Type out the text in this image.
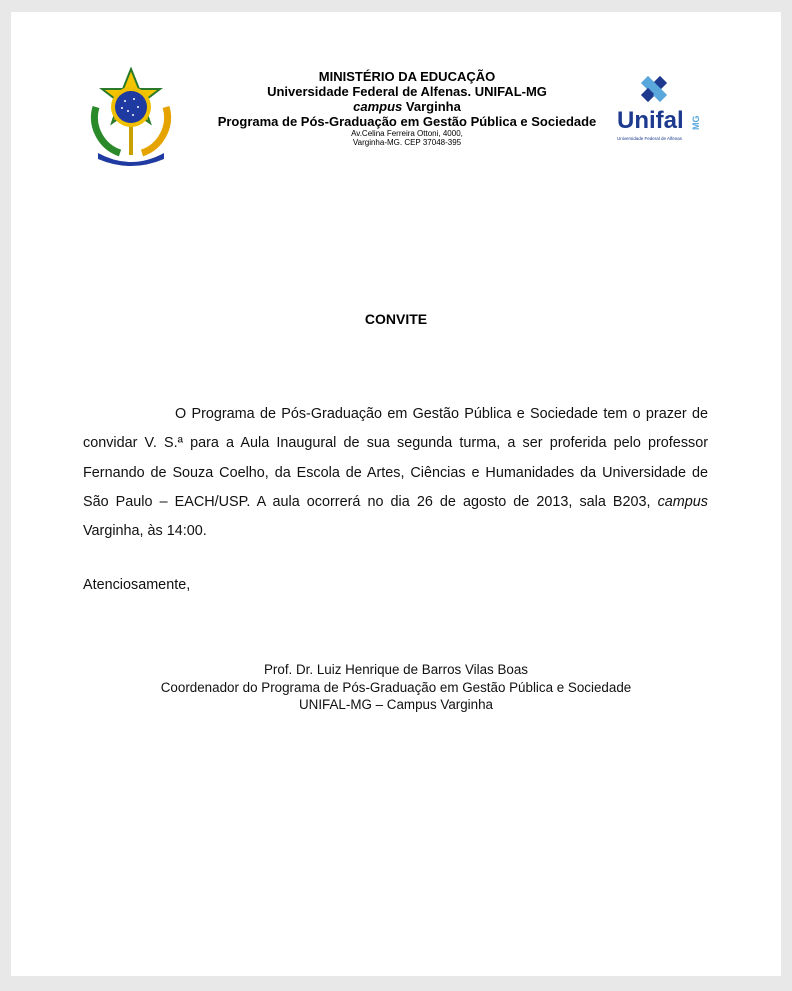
MINISTÉRIO DA EDUCAÇÃO
Universidade Federal de Alfenas. UNIFAL-MG
campus Varginha
Programa de Pós-Graduação em Gestão Pública e Sociedade
Av.Celina Ferreira Ottoni, 4000,
Varginha-MG. CEP 37048-395
Unifal MG
Universidade Federal de Alfenas
CONVITE
O Programa de Pós-Graduação em Gestão Pública e Sociedade tem o prazer de convidar V. S.ª para a Aula Inaugural de sua segunda turma, a ser proferida pelo professor Fernando de Souza Coelho, da Escola de Artes, Ciências e Humanidades da Universidade de São Paulo – EACH/USP. A aula ocorrerá no dia 26 de agosto de 2013, sala B203, campus Varginha, às 14:00.
Atenciosamente,
Prof. Dr. Luiz Henrique de Barros Vilas Boas
Coordenador do Programa de Pós-Graduação em Gestão Pública e Sociedade
UNIFAL-MG – Campus Varginha
